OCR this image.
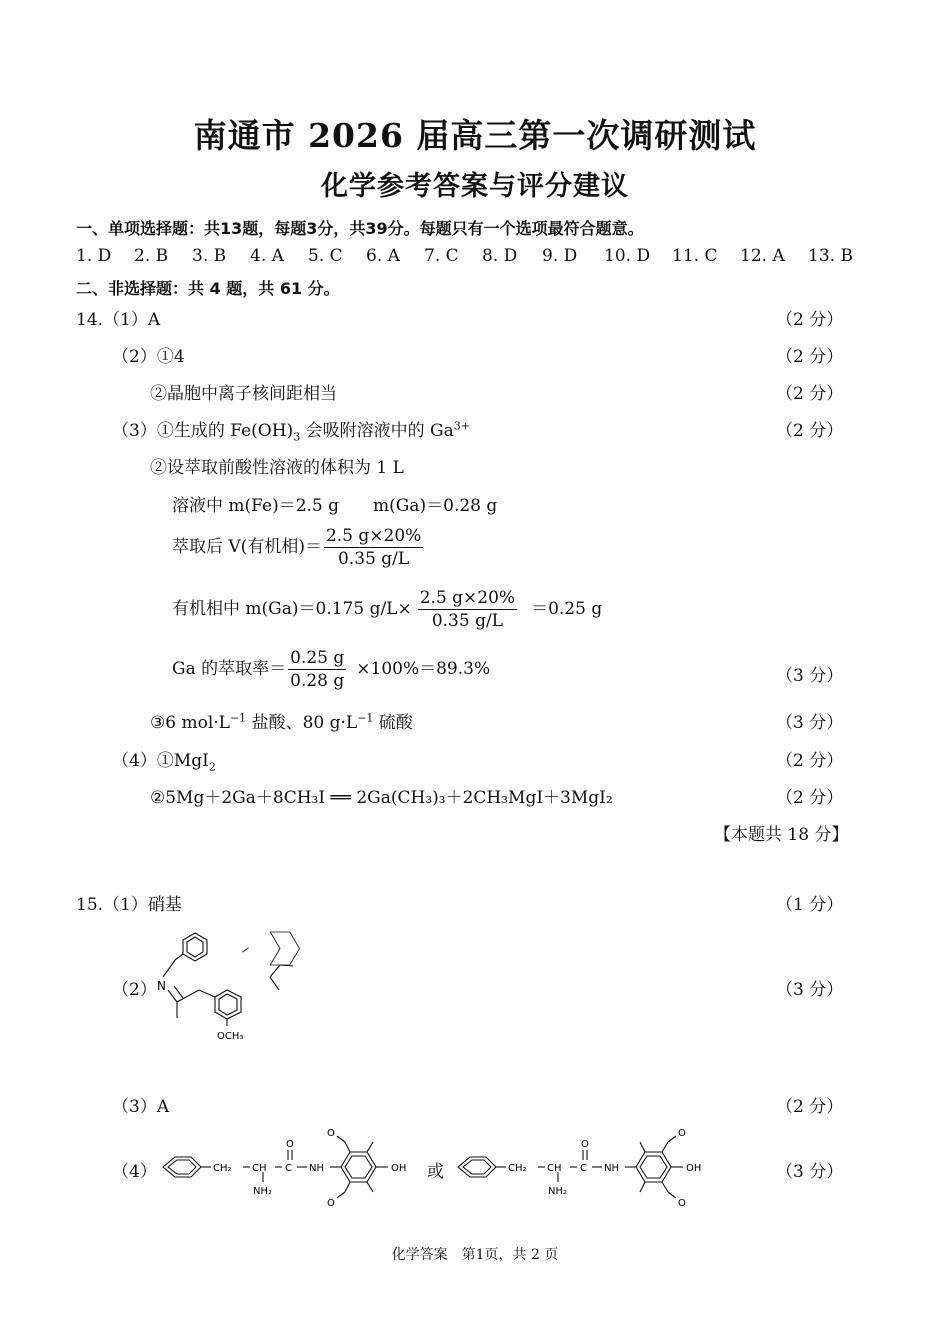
南通市 2026 届高三第一次调研测试
化学参考答案与评分建议
一、单项选择题：共13题，每题3分，共39分。每题只有一个选项最符合题意。
1. D 2. B 3. B 4. A 5. C 6. A 7. C 8. D 9. D 10. D 11. C 12. A 13. B
二、非选择题：共 4 题，共 61 分。
14.（1）A	（2 分）
（2）①4	（2 分）
②晶胞中离子核间距相当	（2 分）
（3）①生成的 $Fe(OH)_3$ 会吸附溶液中的 $Ga^{3+}$	（2 分）
②设萃取前酸性溶液的体积为 1 L
溶液中 m(Fe)＝2.5 g　　m(Ga)＝0.28 g
萃取后 V(有机相)＝ $\frac{2.5 g\times 20\%}{0.35 g/L}$
有机相中 m(Ga)＝0.175 $g/L\times \frac{2.5 g\times 20\%}{0.35 g/L} =0.25$ g
Ga 的萃取率＝ $\frac{0.25 g}{0.28 g} \times 100\%=89.3\%$	（3 分）
③6 $mol\cdot L^{-1}$ 盐酸、80 $g\cdot L^{-1}$ 硫酸	（3 分）
（4）①MgI$_2$	（2 分）
②5Mg＋2Ga＋8CH₃I ══ 2Ga(CH₃)₃＋2CH₃MgI＋3MgI₂	（2 分）
【本题共 18 分】
15.（1）硝基	（1 分）
（2）	（3 分）
N
OCH₃
（3）A	（2 分）
（4）	（3 分）
CH₂ CH C
O
NH
NH₂
OH
O
O
或	CH₂ CH C
O
NH
NH₂
OH
O
O
化学答案　第1页，共 2 页
